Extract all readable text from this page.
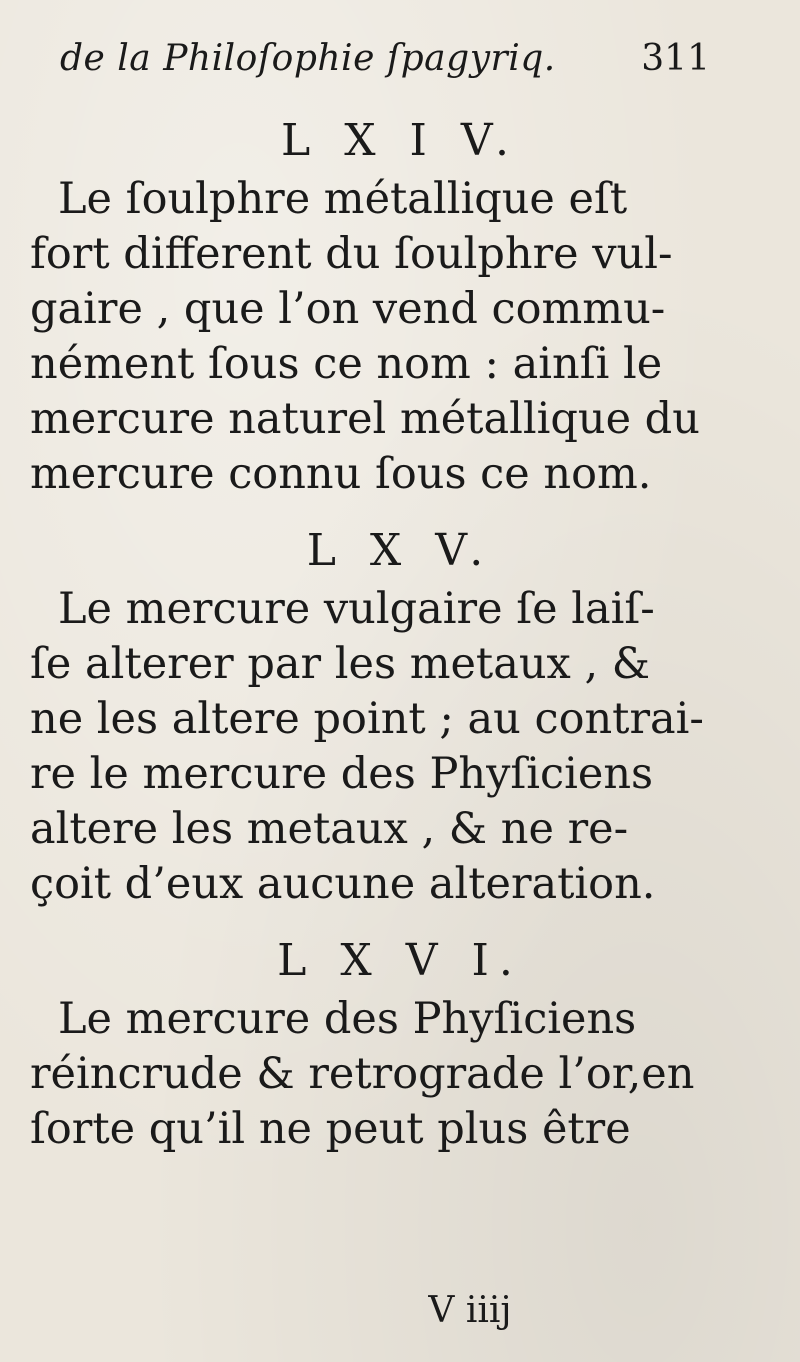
de la Philoſophie ſpagyriq. 311
L X I V.

Le ſoulphre métallique eſt
fort different du ſoulphre vul-
gaire , que l’on vend commu-
nément ſous ce nom : ainſi le
mercure naturel métallique du
mercure connu ſous ce nom.

L X V.

Le mercure vulgaire ſe laiſ-
ſe alterer par les metaux , &
ne les altere point ; au contrai-
re le mercure des Phyſiciens
altere les metaux , & ne re-
çoit d’eux aucune alteration.

L X V I.

Le mercure des Phyſiciens
réincrude & retrograde l’or,en
ſorte qu’il ne peut plus être

V iiij
